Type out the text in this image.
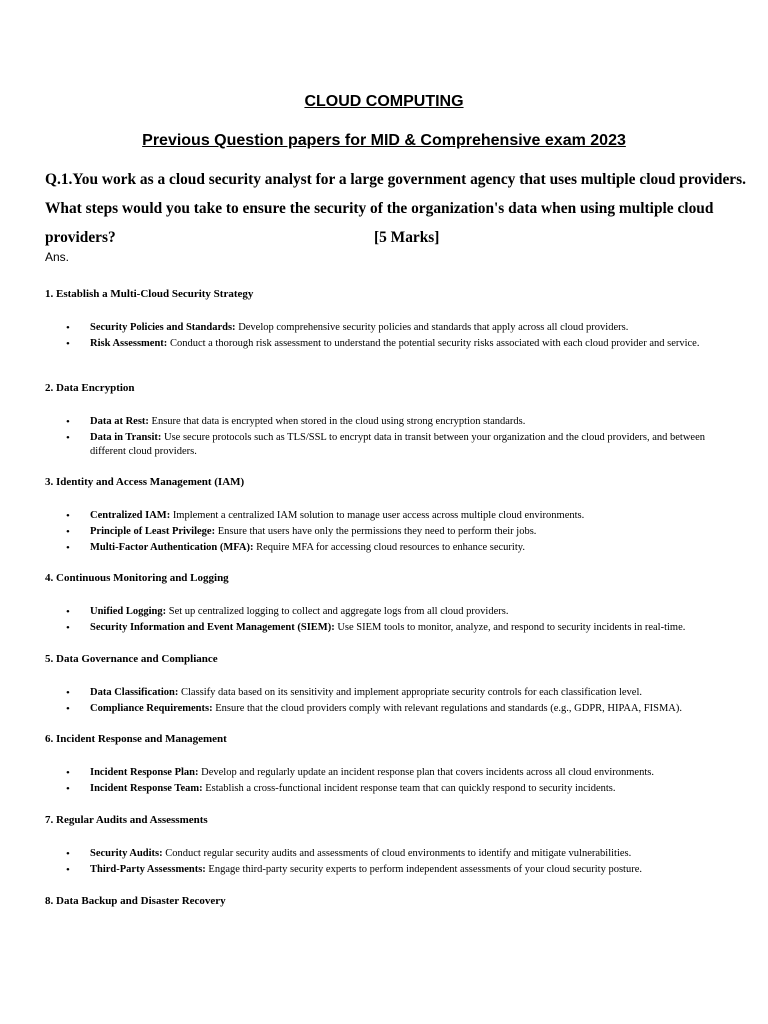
CLOUD COMPUTING
Previous Question papers for MID & Comprehensive exam 2023
Q.1.You work as a cloud security analyst for a large government agency that uses multiple cloud providers.
What steps would you take to ensure the security of the organization's data when using multiple cloud
providers?	[5 Marks]

Ans.

1. Establish a Multi-Cloud Security Strategy

• Security Policies and Standards: Develop comprehensive security policies and standards that apply across all cloud providers.
• Risk Assessment: Conduct a thorough risk assessment to understand the potential security risks associated with each cloud provider and service.

2. Data Encryption

• Data at Rest: Ensure that data is encrypted when stored in the cloud using strong encryption standards.
• Data in Transit: Use secure protocols such as TLS/SSL to encrypt data in transit between your organization and the cloud providers, and between different cloud providers.

3. Identity and Access Management (IAM)

• Centralized IAM: Implement a centralized IAM solution to manage user access across multiple cloud environments.
• Principle of Least Privilege: Ensure that users have only the permissions they need to perform their jobs.
• Multi-Factor Authentication (MFA): Require MFA for accessing cloud resources to enhance security.

4. Continuous Monitoring and Logging

• Unified Logging: Set up centralized logging to collect and aggregate logs from all cloud providers.
• Security Information and Event Management (SIEM): Use SIEM tools to monitor, analyze, and respond to security incidents in real-time.

5. Data Governance and Compliance

• Data Classification: Classify data based on its sensitivity and implement appropriate security controls for each classification level.
• Compliance Requirements: Ensure that the cloud providers comply with relevant regulations and standards (e.g., GDPR, HIPAA, FISMA).

6. Incident Response and Management

• Incident Response Plan: Develop and regularly update an incident response plan that covers incidents across all cloud environments.
• Incident Response Team: Establish a cross-functional incident response team that can quickly respond to security incidents.

7. Regular Audits and Assessments

• Security Audits: Conduct regular security audits and assessments of cloud environments to identify and mitigate vulnerabilities.
• Third-Party Assessments: Engage third-party security experts to perform independent assessments of your cloud security posture.

8. Data Backup and Disaster Recovery
